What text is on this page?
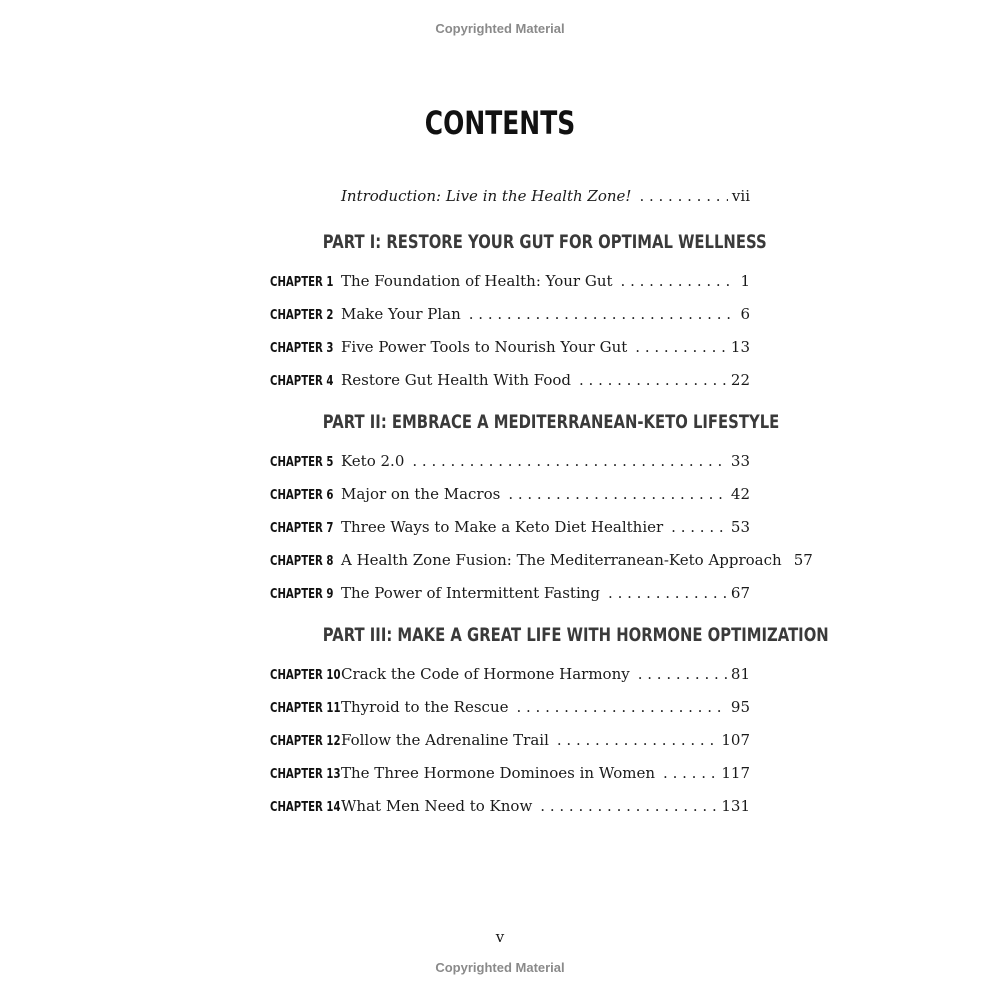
Copyrighted Material
CONTENTS
Introduction: Live in the Health Zone! . . .	vii
PART I: RESTORE YOUR GUT FOR OPTIMAL WELLNESS
CHAPTER 1 The Foundation of Health: Your Gut . . .	1
CHAPTER 2 Make Your Plan . . .	6
CHAPTER 3 Five Power Tools to Nourish Your Gut . . .	13
CHAPTER 4 Restore Gut Health With Food . . .	22
PART II: EMBRACE A MEDITERRANEAN-KETO LIFESTYLE
CHAPTER 5 Keto 2.0 . . .	33
CHAPTER 6 Major on the Macros . . .	42
CHAPTER 7 Three Ways to Make a Keto Diet Healthier . . .	53
CHAPTER 8 A Health Zone Fusion: The Mediterranean-Keto Approach 57
CHAPTER 9 The Power of Intermittent Fasting . . .	67
PART III: MAKE A GREAT LIFE WITH HORMONE OPTIMIZATION
CHAPTER 10 Crack the Code of Hormone Harmony . . .	81
CHAPTER 11 Thyroid to the Rescue . . .	95
CHAPTER 12 Follow the Adrenaline Trail . . .	107
CHAPTER 13 The Three Hormone Dominoes in Women . . .	117
CHAPTER 14 What Men Need to Know . . .	131
v
Copyrighted Material
